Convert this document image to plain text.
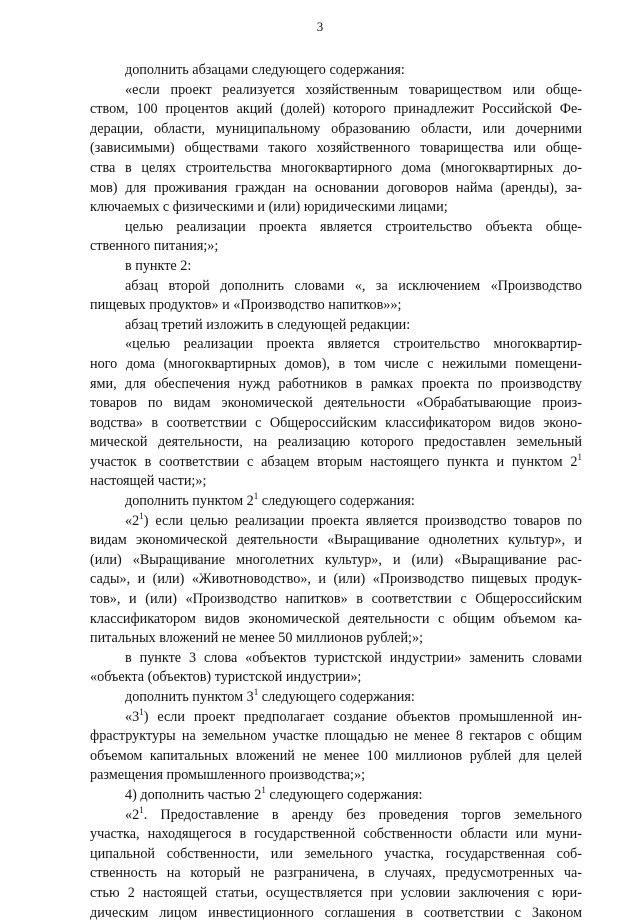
3
дополнить абзацами следующего содержания:
«если проект реализуется хозяйственным товариществом или обще-
ством, 100 процентов акций (долей) которого принадлежит Российской Фе-
дерации, области, муниципальному образованию области, или дочерними
(зависимыми) обществами такого хозяйственного товарищества или обще-
ства в целях строительства многоквартирного дома (многоквартирных до-
мов) для проживания граждан на основании договоров найма (аренды), за-
ключаемых с физическими и (или) юридическими лицами;
целью реализации проекта является строительство объекта обще-
ственного питания;»;
в пункте 2:
абзац второй дополнить словами «, за исключением «Производство
пищевых продуктов» и «Производство напитков»»;
абзац третий изложить в следующей редакции:
«целью реализации проекта является строительство многоквартир-
ного дома (многоквартирных домов), в том числе с нежилыми помещени-
ями, для обеспечения нужд работников в рамках проекта по производству
товаров по видам экономической деятельности «Обрабатывающие произ-
водства» в соответствии с Общероссийским классификатором видов эконо-
мической деятельности, на реализацию которого предоставлен земельный
участок в соответствии с абзацем вторым настоящего пункта и пунктом $2^1$
настоящей части;»;
дополнить пунктом $2^1$ следующего содержания:
«$2^1$) если целью реализации проекта является производство товаров по
видам экономической деятельности «Выращивание однолетних культур», и
(или) «Выращивание многолетних культур», и (или) «Выращивание рас-
сады», и (или) «Животноводство», и (или) «Производство пищевых продук-
тов», и (или) «Производство напитков» в соответствии с Общероссийским
классификатором видов экономической деятельности с общим объемом ка-
питальных вложений не менее 50 миллионов рублей;»;
в пункте 3 слова «объектов туристской индустрии» заменить словами
«объекта (объектов) туристской индустрии»;
дополнить пунктом $3^1$ следующего содержания:
«$3^1$) если проект предполагает создание объектов промышленной ин-
фраструктуры на земельном участке площадью не менее 8 гектаров с общим
объемом капитальных вложений не менее 100 миллионов рублей для целей
размещения промышленного производства;»;
4) дополнить частью $2^1$ следующего содержания:
«$2^1$. Предоставление в аренду без проведения торгов земельного
участка, находящегося в государственной собственности области или муни-
ципальной собственности, или земельного участка, государственная соб-
ственность на который не разграничена, в случаях, предусмотренных ча-
стью 2 настоящей статьи, осуществляется при условии заключения с юри-
дическим лицом инвестиционного соглашения в соответствии с Законом
